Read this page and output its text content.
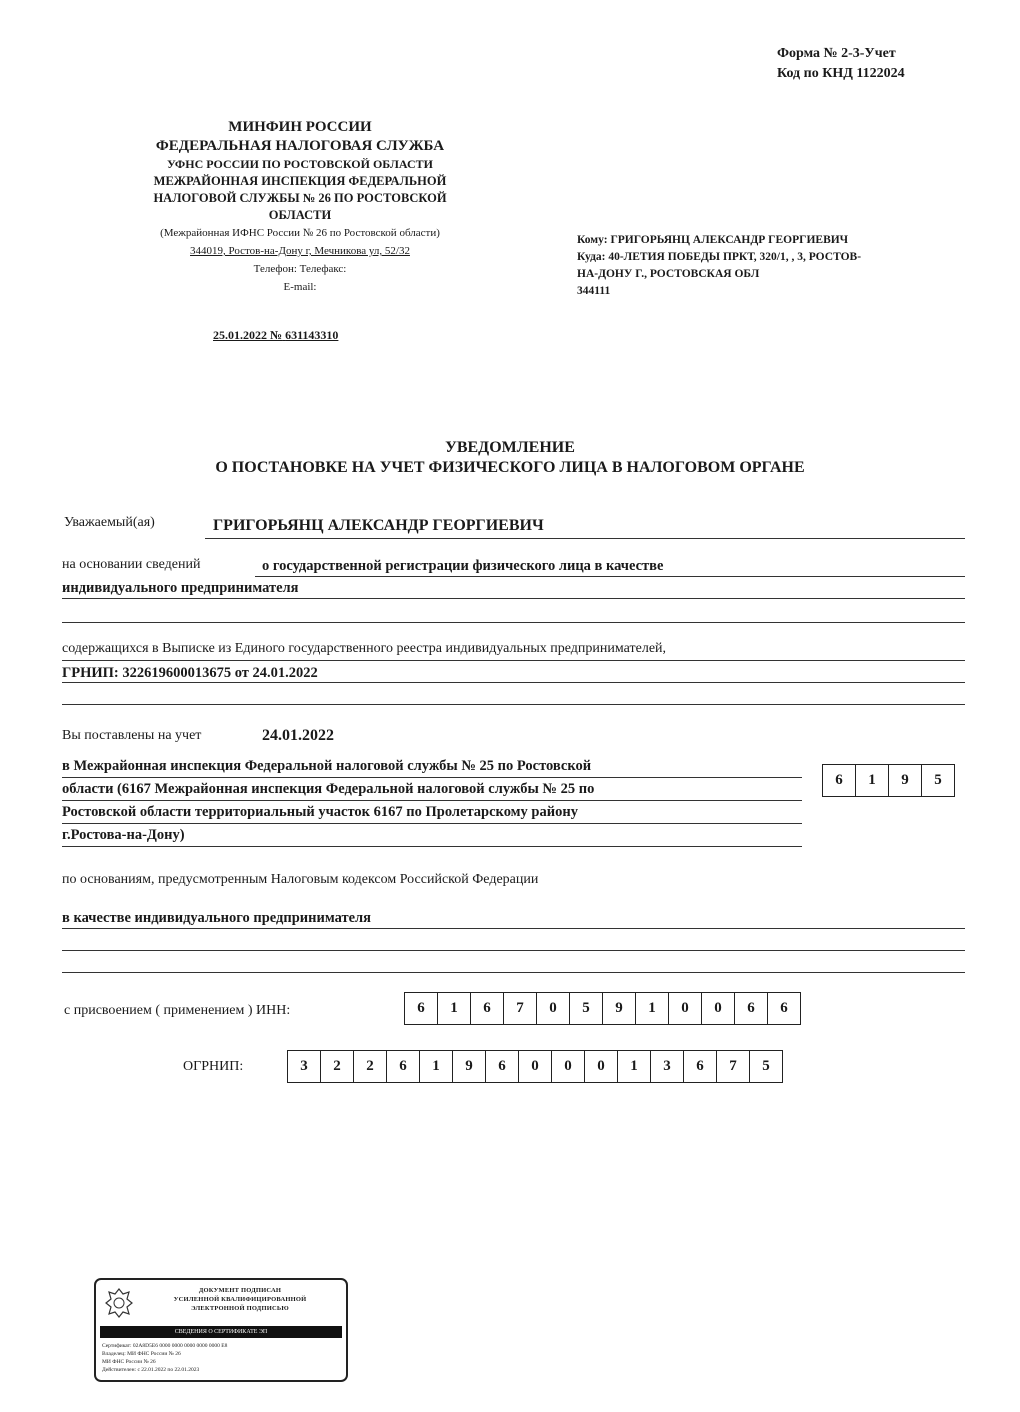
Форма № 2-3-Учет
Код по КНД 1122024
МИНФИН РОССИИ
ФЕДЕРАЛЬНАЯ НАЛОГОВАЯ СЛУЖБА
УФНС РОССИИ ПО РОСТОВСКОЙ ОБЛАСТИ
МЕЖРАЙОННАЯ ИНСПЕКЦИЯ ФЕДЕРАЛЬНОЙ
НАЛОГОВОЙ СЛУЖБЫ № 26 ПО РОСТОВСКОЙ
ОБЛАСТИ
(Межрайонная ИФНС России № 26 по Ростовской области)
344019, Ростов-на-Дону г, Мечникова ул, 52/32
Телефон: Телефакс:
E-mail:
25.01.2022 № 631143310
Кому: ГРИГОРЬЯНЦ АЛЕКСАНДР ГЕОРГИЕВИЧ
Куда: 40-ЛЕТИЯ ПОБЕДЫ ПРКТ, 320/1, , 3, РОСТОВ-
НА-ДОНУ Г., РОСТОВСКАЯ ОБЛ
344111
УВЕДОМЛЕНИЕ
О ПОСТАНОВКЕ НА УЧЕТ ФИЗИЧЕСКОГО ЛИЦА В НАЛОГОВОМ ОРГАНЕ
Уважаемый(ая)	ГРИГОРЬЯНЦ АЛЕКСАНДР ГЕОРГИЕВИЧ
на основании сведений	о государственной регистрации физического лица в качестве
индивидуального предпринимателя
содержащихся в Выписке из Единого государственного реестра индивидуальных предпринимателей,
ГРНИП: 322619600013675 от 24.01.2022
Вы поставлены на учет	24.01.2022
в Межрайонная инспекция Федеральной налоговой службы № 25 по Ростовской
области (6167 Межрайонная инспекция Федеральной налоговой службы № 25 по
Ростовской области территориальный участок 6167 по Пролетарскому району
г.Ростова-на-Дону)
6	1	9	5
по основаниям, предусмотренным Налоговым кодексом Российской Федерации
в качестве индивидуального предпринимателя
с присвоением ( применением ) ИНН:	6	1	6	7	0	5	9	1	0	0	6	6
ОГРНИП:	3	2	2	6	1	9	6	0	0	0	1	3	6	7	5
ДОКУМЕНТ ПОДПИСАН
УСИЛЕННОЙ КВАЛИФИЦИРОВАННОЙ
ЭЛЕКТРОННОЙ ПОДПИСЬЮ
СВЕДЕНИЯ О СЕРТИФИКАТЕ ЭП
Сертификат: 02A8D5E6 0000 0000 0000 0000 0000 E8
Владелец: МИ ФНС России № 26
МИ ФНС России № 26
Действителен: с 22.01.2022 по 22.01.2023
